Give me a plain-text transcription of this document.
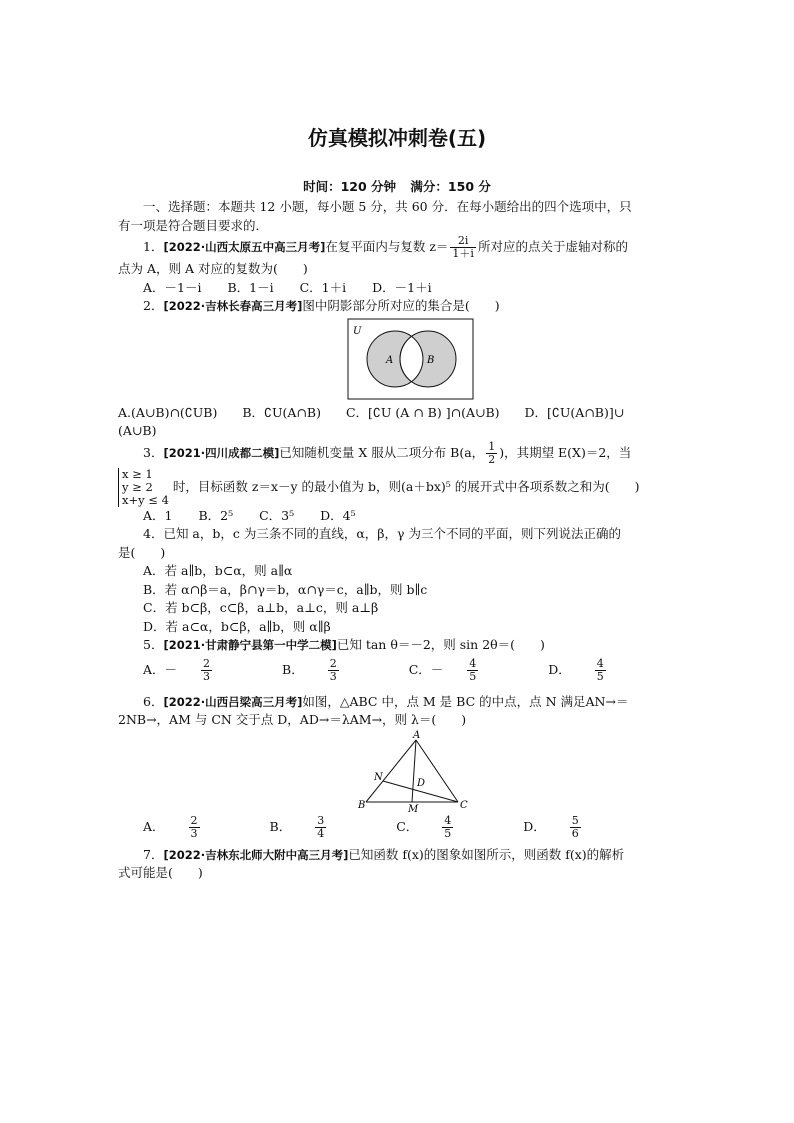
仿真模拟冲刺卷(五)
时间：120 分钟 满分：150 分
一、选择题：本题共 12 小题，每小题 5 分，共 60 分．在每小题给出的四个选项中，只
有一项是符合题目要求的．
1．[2022·山西太原五中高三月考]在复平面内与复数 $z= \frac{2i}{1+i}$ 所对应的点关于虚轴对称的
点为 A，则 A 对应的复数为(　　)
A．－1－i B．1－i C．1＋i D．－1＋i
2．[2022·吉林长春高三月考]图中阴影部分所对应的集合是(　　)
U
A	B
A.(A∪B)∩(∁UB)　　B．∁U(A∩B)　　C．[∁U (A ∩ B) ]∩(A∪B)　　D．[∁U(A∩B)]∪
(A∪B)
3．[2021·四川成都二模]已知随机变量 X 服从二项分布 B(a， $\frac{1}{2}$ )，其期望 E(X)＝2，当
x ≥ 1
y ≥ 2
x+y ≤ 4
时，目标函数 z＝x－y 的最小值为 b，则(a＋bx)⁵ 的展开式中各项系数之和为(　　)
A．1 B．2⁵ C．3⁵ D．4⁵
4．已知 a，b，c 为三条不同的直线，α，β，γ 为三个不同的平面，则下列说法正确的
是(　　)
A．若 a∥b，b⊂α，则 a∥α
B．若 α∩β＝a，β∩γ＝b，α∩γ＝c，a∥b，则 b∥c
C．若 b⊂β，c⊂β，a⊥b，a⊥c，则 a⊥β
D．若 a⊂α，b⊂β，a∥b，则 α∥β
5．[2021·甘肃静宁县第一中学二模]已知 tan θ＝－2，则 sin 2θ＝(　　)
A．－ $\frac{2}{3}$	B． $\frac{2}{3}$	C．－ $\frac{4}{5}$	D． $\frac{4}{5}$
6．[2022·山西吕梁高三月考]如图，△ABC 中，点 M 是 BC 的中点，点 N 满足AN→＝
2NB→，AM 与 CN 交于点 D，AD→＝λAM→，则 λ＝(　　)
A
B	C
M
N
D
A． $\frac{2}{3}$	B． $\frac{3}{4}$	C． $\frac{4}{5}$	D． $\frac{5}{6}$
7．[2022·吉林东北师大附中高三月考]已知函数 f(x)的图象如图所示，则函数 f(x)的解析
式可能是(　　)
